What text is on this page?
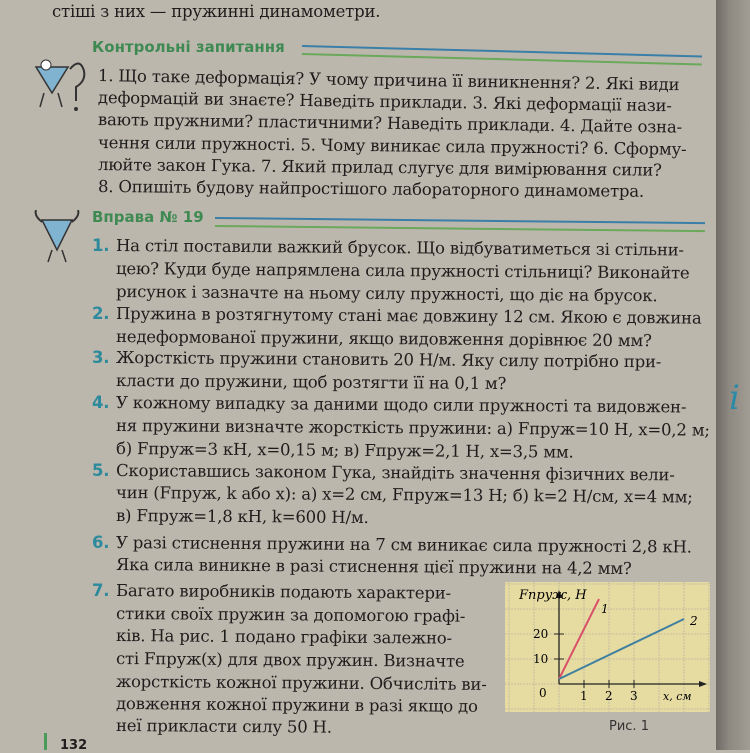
i
стіші з них — пружинні динамометри.
Контрольні запитання
1. Що таке деформація? У чому причина її виникнення? 2. Які види
деформацій ви знаєте? Наведіть приклади. 3. Які деформації нази-
вають пружними? пластичними? Наведіть приклади. 4. Дайте озна-
чення сили пружності. 5. Чому виникає сила пружності? 6. Сформу-
люйте закон Гука. 7. Який прилад слугує для вимірювання сили?
8. Опишіть будову найпростішого лабораторного динамометра.
Вправа № 19
1. На стіл поставили важкий брусок. Що відбуватиметься зі стільни-
цею? Куди буде напрямлена сила пружності стільниці? Виконайте
рисунок і зазначте на ньому силу пружності, що діє на брусок.
2. Пружина в розтягнутому стані має довжину 12 см. Якою є довжина
недеформованої пружини, якщо видовження дорівнює 20 мм?
3. Жорсткість пружини становить 20 Н/м. Яку силу потрібно при-
класти до пружини, щоб розтягти її на 0,1 м?
4. У кожному випадку за даними щодо сили пружності та видовжен-
ня пружини визначте жорсткість пружини: а) Fпруж=10 Н, x=0,2 м;
б) Fпруж=3 кН, x=0,15 м; в) Fпруж=2,1 Н, x=3,5 мм.
5. Скориставшись законом Гука, знайдіть значення фізичних вели-
чин (Fпруж, k або x): а) x=2 см, Fпруж=13 Н; б) k=2 Н/см, x=4 мм;
в) Fпруж=1,8 кН, k=600 Н/м.
6. У разі стиснення пружини на 7 см виникає сила пружності 2,8 кН.
Яка сила виникне в разі стиснення цієї пружини на 4,2 мм?
7. Багато виробників подають характери-
стики своїх пружин за допомогою графі-
ків. На рис. 1 подано графіки залежно-
сті Fпруж(x) для двох пружин. Визначте
жорсткість кожної пружини. Обчисліть ви-
довження кожної пружини в разі якщо до
неї прикласти силу 50 Н.
1 2 3
10
20
1
2
Fпруж, Н
x, см
0
Рис. 1
132
